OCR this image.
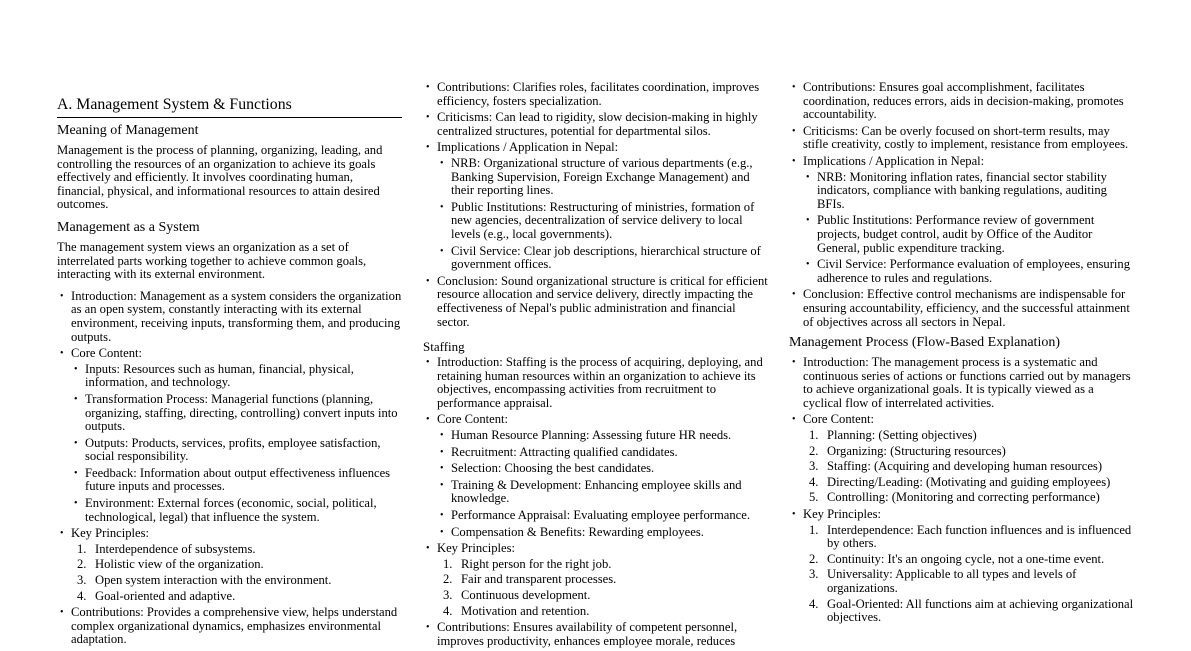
A. Management System & Functions
Meaning of Management

Management is the process of planning, organizing, leading, and controlling the resources of an organization to achieve its goals effectively and efficiently. It involves coordinating human, financial, physical, and informational resources to attain desired outcomes.

Management as a System

The management system views an organization as a set of interrelated parts working together to achieve common goals, interacting with its external environment.

• Introduction: Management as a system considers the organization as an open system, constantly interacting with its external environment, receiving inputs, transforming them, and producing outputs.
• Core Content:
• Inputs: Resources such as human, financial, physical, information, and technology.
• Transformation Process: Managerial functions (planning, organizing, staffing, directing, controlling) convert inputs into outputs.
• Outputs: Products, services, profits, employee satisfaction, social responsibility.
• Feedback: Information about output effectiveness influences future inputs and processes.
• Environment: External forces (economic, social, political, technological, legal) that influence the system.
• Key Principles:
1. Interdependence of subsystems.
2. Holistic view of the organization.
3. Open system interaction with the environment.
4. Goal-oriented and adaptive.
• Contributions: Provides a comprehensive view, helps understand complex organizational dynamics, emphasizes environmental adaptation.
• Contributions: Clarifies roles, facilitates coordination, improves efficiency, fosters specialization.
• Criticisms: Can lead to rigidity, slow decision-making in highly centralized structures, potential for departmental silos.
• Implications / Application in Nepal:
• NRB: Organizational structure of various departments (e.g., Banking Supervision, Foreign Exchange Management) and their reporting lines.
• Public Institutions: Restructuring of ministries, formation of new agencies, decentralization of service delivery to local levels (e.g., local governments).
• Civil Service: Clear job descriptions, hierarchical structure of government offices.
• Conclusion: Sound organizational structure is critical for efficient resource allocation and service delivery, directly impacting the effectiveness of Nepal's public administration and financial sector.
Staffing
• Introduction: Staffing is the process of acquiring, deploying, and retaining human resources within an organization to achieve its objectives, encompassing activities from recruitment to performance appraisal.
• Core Content:
• Human Resource Planning: Assessing future HR needs.
• Recruitment: Attracting qualified candidates.
• Selection: Choosing the best candidates.
• Training & Development: Enhancing employee skills and knowledge.
• Performance Appraisal: Evaluating employee performance.
• Compensation & Benefits: Rewarding employees.
• Key Principles:
1. Right person for the right job.
2. Fair and transparent processes.
3. Continuous development.
4. Motivation and retention.
• Contributions: Ensures availability of competent personnel, improves productivity, enhances employee morale, reduces
• Contributions: Ensures goal accomplishment, facilitates coordination, reduces errors, aids in decision-making, promotes accountability.
• Criticisms: Can be overly focused on short-term results, may stifle creativity, costly to implement, resistance from employees.
• Implications / Application in Nepal:
• NRB: Monitoring inflation rates, financial sector stability indicators, compliance with banking regulations, auditing BFIs.
• Public Institutions: Performance review of government projects, budget control, audit by Office of the Auditor General, public expenditure tracking.
• Civil Service: Performance evaluation of employees, ensuring adherence to rules and regulations.
• Conclusion: Effective control mechanisms are indispensable for ensuring accountability, efficiency, and the successful attainment of objectives across all sectors in Nepal.
Management Process (Flow-Based Explanation)
• Introduction: The management process is a systematic and continuous series of actions or functions carried out by managers to achieve organizational goals. It is typically viewed as a cyclical flow of interrelated activities.
• Core Content:
1. Planning: (Setting objectives)
2. Organizing: (Structuring resources)
3. Staffing: (Acquiring and developing human resources)
4. Directing/Leading: (Motivating and guiding employees)
5. Controlling: (Monitoring and correcting performance)
• Key Principles:
1. Interdependence: Each function influences and is influenced by others.
2. Continuity: It's an ongoing cycle, not a one-time event.
3. Universality: Applicable to all types and levels of organizations.
4. Goal-Oriented: All functions aim at achieving organizational objectives.
